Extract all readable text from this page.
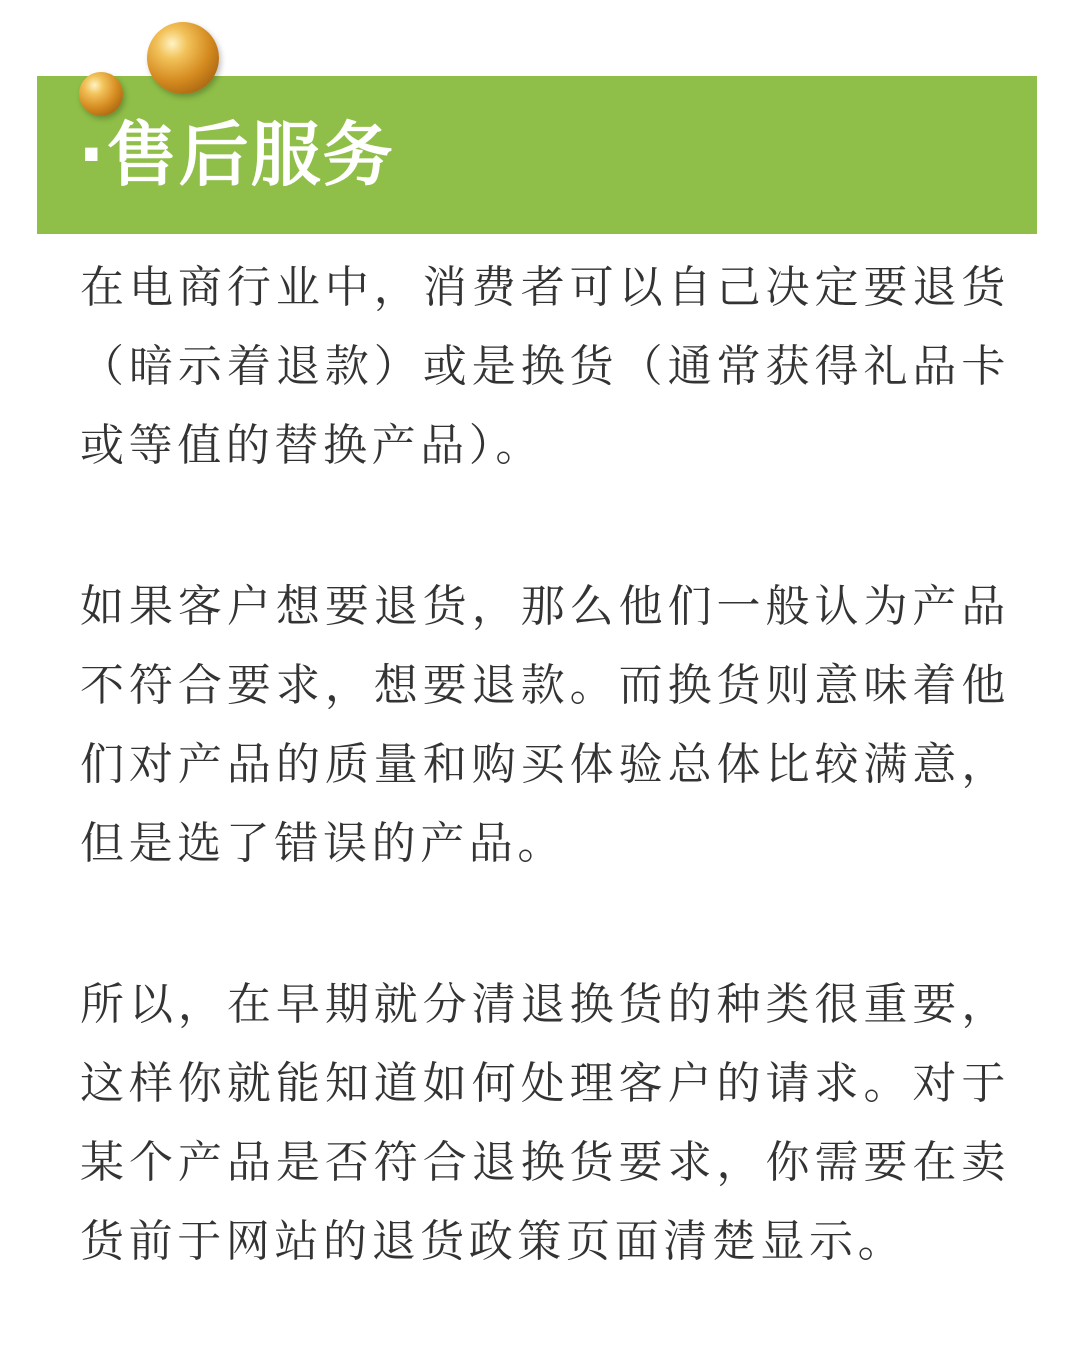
·售后服务

在电商行业中，消费者可以自己决定要退货（暗示着退款）或是换货（通常获得礼品卡或等值的替换产品）。

如果客户想要退货，那么他们一般认为产品不符合要求，想要退款。而换货则意味着他们对产品的质量和购买体验总体比较满意，但是选了错误的产品。

所以，在早期就分清退换货的种类很重要，这样你就能知道如何处理客户的请求。对于某个产品是否符合退换货要求，你需要在卖货前于网站的退货政策页面清楚显示。
